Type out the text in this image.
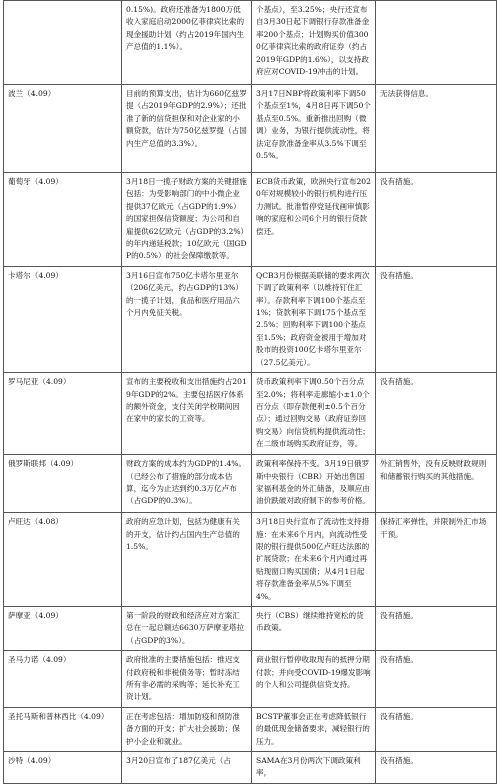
	0.15%)。政府还准备为1800万低收入家庭启动2000亿菲律宾比索的现金援助计划（约占2019年国内生产总值的1.1%）。	个基点），至3.25%；央行还宣布自3月30日起下调银行存款准备金率200个基点；计划购买价值3000亿菲律宾比索的政府证券（约占2019年GDP的1.6%），以支持政府应对COVID-19冲击的计划。	
波兰（4.09）	目前的预算支出，估计为660亿兹罗提（占2019年GDP的2.9%）；还批准了新的信贷担保和对企业家的小额贷款，估计为750亿兹罗提（占国内生产总值的3.3%）。	3月17日NBP将政策利率下调50个基点至1%，4月8日再下调50个基点至0.5%。重新推出回购（微调）业务，为银行提供流动性，将法定存款准备金率从3.5%下调至0.5%。	无法获得信息。
葡萄牙（4.09）	3月18日一揽子财政方案的关键措施包括：为受影响部门的中小微企业提供37亿欧元（占GDP的1.9%）的国家担保信贷额度；为公司和自雇提供62亿欧元（占GDP的3.2%）的年内递延税款；10亿欧元（国GDP的0.5%）的社会保障缴款等。	ECB货币政策，欧洲央行宣布2020年对规模较小的银行机构进行压力测试。批准暂停党延伐画审慎影响的家庭和公司6个月的银行贷款偿还。	没有措施。
卡塔尔（4.09）	3月16日宣布750亿卡塔尔里亚尔（206亿美元，约占GDP的13%）的一揽子计划，食品和医疗用品六个月内免征关税。	QCB3月份根据美联储的要求两次下调了政策利率（以维持钉住汇率）。存款利率下调100个基点至1%；贷款利率下调175个基点至2.5%；回购利率下调100个基点至1.5%；政府资金被用于增加对股市的投资100亿卡塔尔里亚尔（27.5亿美元）。	没有措施。
罗马尼亚（4.09）	宣布的主要税收和支出措施约占2019年GDP的2%。主要包括医疗体系的额外资金，支付关闭学校期间因在家中的家长的工资等。	货币政策利率下调0.50个百分点至2.0%；将利率走廊缩小±1.0个百分点（即存款便利±0.5个百分点）；通过回购交易（政府证券回购交易）向信贷机构提供流动性；在二级市场购买政府证券，等。	没有措施。
俄罗斯联邦（4.09）	财政方案的成本约为GDP的1.4%。（已经公布了措施的部分成本估算，迄今为止达到约0.3万亿卢布（占GDP的0.3%）。	政策利率保持不变。3月19日俄罗斯中央银行（CBR）开始出售国家福利基金的外汇储备，及顺应由油价跌破对政府制下的参考价格。	外汇销售外，没有反映财政规则和储蓄银行购买的其他措施。
卢旺达（4.08）	政府的应急计划，包括为健康有关的开支，估计约占国内生产总值的1.5%。	3月18日央行宣布了流动性支持措施：在未来6个月内，向流动性受限的银行提供500亿卢旺达法郎的扩展贷款；在未来6个月内通过再贴现窗口购买国债；从4月1日起将存款准备金率从5%下调至4%。	保持汇率弹性，并限制外汇市场干预。
萨摩亚（4.09）	第一阶段的财政和经济应对方案汇总在一起总额达6630万萨摩亚塔拉（占GDP的3%）。	央行（CBS）继续维持宽松的货币政策。	没有措施。
圣马力诺（4.09）	政府批准的主要措施包括：推迟支付政府税和非税债务等；暂时冻结所有非必需的采购等；延长补充工资计划。	商业银行暂停收取现有的抵押分期付款；并向受COVID-19爆发影响的个人和公司提供信贷支持。	没有措施。
圣托马斯和普林西比（4.09）	正在考虑包括：增加防疫和预防准备方面的开支；扩大社会援助；保护小企业和就业。	BCSTP董事会正在考虑降低银行的最低现金储备要求，减轻银行的压力。	没有措施。
沙特（4.09）	3月20日宣布了187亿美元（占	SAMA在3月份两次下调政策利率，	没有措施。
